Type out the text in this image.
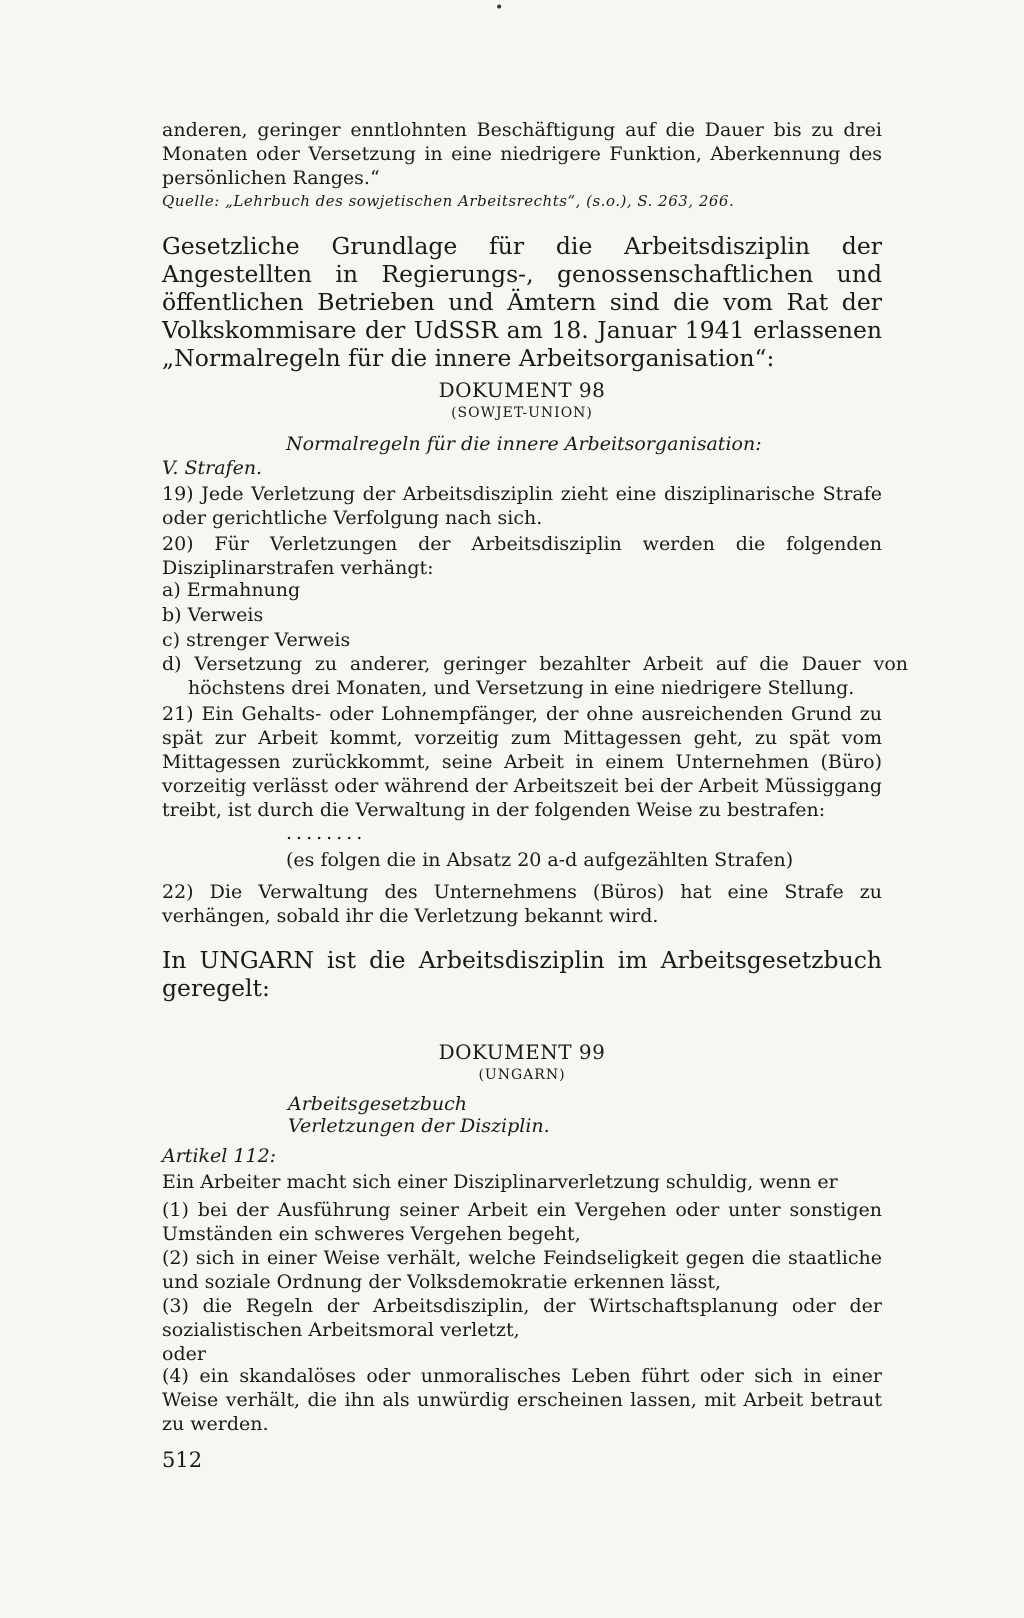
•

anderen, geringer enntlohnten Beschäftigung auf die Dauer bis zu drei Monaten oder Versetzung in eine niedrigere Funktion, Aberkennung des persönlichen Ranges.“

Quelle: „Lehrbuch des sowjetischen Arbeitsrechts“, (s.o.), S. 263, 266.

Gesetzliche Grundlage für die Arbeitsdisziplin der Angestellten in Regierungs-, genossenschaftlichen und öffentlichen Betrieben und Ämtern sind die vom Rat der Volkskommisare der UdSSR am 18. Januar 1941 erlassenen „Normalregeln für die innere Arbeitsorganisation“:

DOKUMENT 98

(SOWJET-UNION)

Normalregeln für die innere Arbeitsorganisation:

V. Strafen.

19) Jede Verletzung der Arbeitsdisziplin zieht eine disziplinarische Strafe oder gerichtliche Verfolgung nach sich.

20) Für Verletzungen der Arbeitsdisziplin werden die folgenden Disziplinarstrafen verhängt:

a) Ermahnung

b) Verweis

c) strenger Verweis

d) Versetzung zu anderer, geringer bezahlter Arbeit auf die Dauer von höchstens drei Monaten, und Versetzung in eine niedrigere Stellung.

21) Ein Gehalts- oder Lohnempfänger, der ohne ausreichenden Grund zu spät zur Arbeit kommt, vorzeitig zum Mittagessen geht, zu spät vom Mittagessen zurückkommt, seine Arbeit in einem Unternehmen (Büro) vorzeitig verlässt oder während der Arbeitszeit bei der Arbeit Müssiggang treibt, ist durch die Verwaltung in der folgenden Weise zu bestrafen:

........

(es folgen die in Absatz 20 a-d aufgezählten Strafen)

22) Die Verwaltung des Unternehmens (Büros) hat eine Strafe zu verhängen, sobald ihr die Verletzung bekannt wird.

In UNGARN ist die Arbeitsdisziplin im Arbeitsgesetzbuch geregelt:

DOKUMENT 99

(UNGARN)

Arbeitsgesetzbuch

Verletzungen der Disziplin.

Artikel 112:

Ein Arbeiter macht sich einer Disziplinarverletzung schuldig, wenn er

(1) bei der Ausführung seiner Arbeit ein Vergehen oder unter sonstigen Umständen ein schweres Vergehen begeht,

(2) sich in einer Weise verhält, welche Feindseligkeit gegen die staatliche und soziale Ordnung der Volksdemokratie erkennen lässt,

(3) die Regeln der Arbeitsdisziplin, der Wirtschaftsplanung oder der sozialistischen Arbeitsmoral verletzt,

oder

(4) ein skandalöses oder unmoralisches Leben führt oder sich in einer Weise verhält, die ihn als unwürdig erscheinen lassen, mit Arbeit betraut zu werden.

512
